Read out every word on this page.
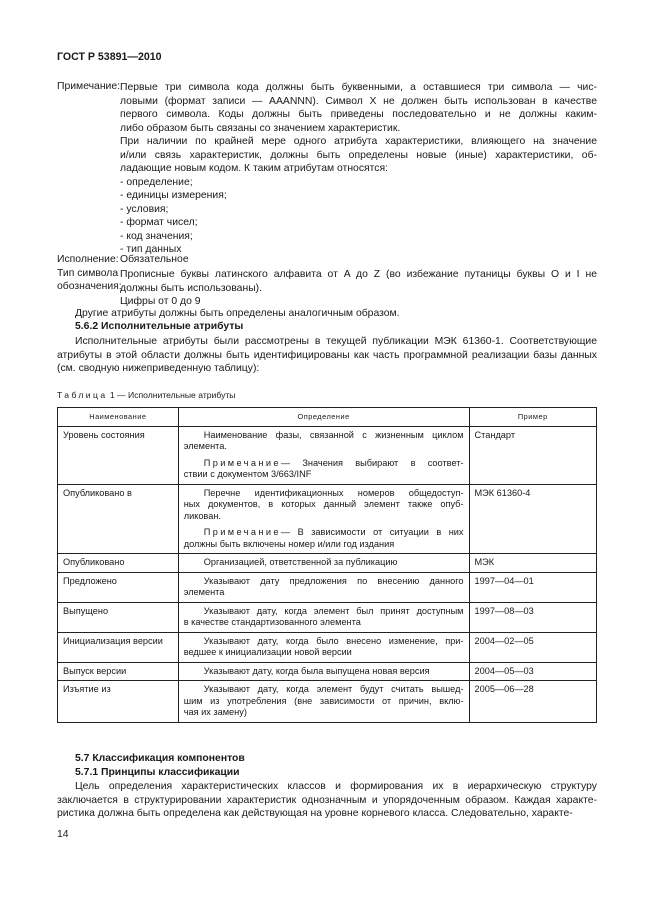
ГОСТ Р 53891—2010
Примечание: Первые три символа кода должны быть буквенными, а оставшиеся три символа — чис-
ловыми (формат записи — AAANNN). Символ X не должен быть использован в качестве
первого символа. Коды должны быть приведены последовательно и не должны каким-
либо образом быть связаны со значением характеристик.
При наличии по крайней мере одного атрибута характеристики, влияющего на значение
и/или связь характеристик, должны быть определены новые (иные) характеристики, об-
ладающие новым кодом. К таким атрибутам относятся:
- определение;
- единицы измерения;
- условия;
- формат чисел;
- код значения;
- тип данных
Исполнение: Обязательное
Тип символа
обозначения:
Прописные буквы латинского алфавита от A до Z (во избежание путаницы буквы O и I не
должны быть использованы).
Цифры от 0 до 9
Другие атрибуты должны быть определены аналогичным образом.
5.6.2 Исполнительные атрибуты
Исполнительные атрибуты были рассмотрены в текущей публикации МЭК 61360-1. Соответствующие
атрибуты в этой области должны быть идентифицированы как часть программной реализации базы данных
(см. сводную нижеприведенную таблицу):
Таблица 1 — Исполнительные атрибуты
Наименование	Определение	Пример
Уровень состояния	Наименование фазы, связанной с жизненным циклом
элемента.
Примечание— Значения выбирают в соответ-
ствии с документом 3/663/INF	Стандарт
Опубликовано в	Перечне идентификационных номеров общедоступ-
ных документов, в которых данный элемент также опуб-
ликован.
Примечание— В зависимости от ситуации в них
должны быть включены номер и/или год издания	МЭК 61360-4
Опубликовано	Организацией, ответственной за публикацию	МЭК
Предложено	Указывают дату предложения по внесению данного
элемента	1997—04—01
Выпущено	Указывают дату, когда элемент был принят доступным
в качестве стандартизованного элемента	1997—08—03
Инициализация версии	Указывают дату, когда было внесено изменение, при-
ведшее к инициализации новой версии	2004—02—05
Выпуск версии	Указывают дату, когда была выпущена новая версия	2004—05—03
Изъятие из	Указывают дату, когда элемент будут считать вышед-
шим из употребления (вне зависимости от причин, вклю-
чая их замену)	2005—06—28
5.7 Классификация компонентов
5.7.1 Принципы классификации
Цель определения характеристических классов и формирования их в иерархическую структуру
заключается в структурировании характеристик однозначным и упорядоченным образом. Каждая характе-
ристика должна быть определена как действующая на уровне корневого класса. Следовательно, характе-
14
